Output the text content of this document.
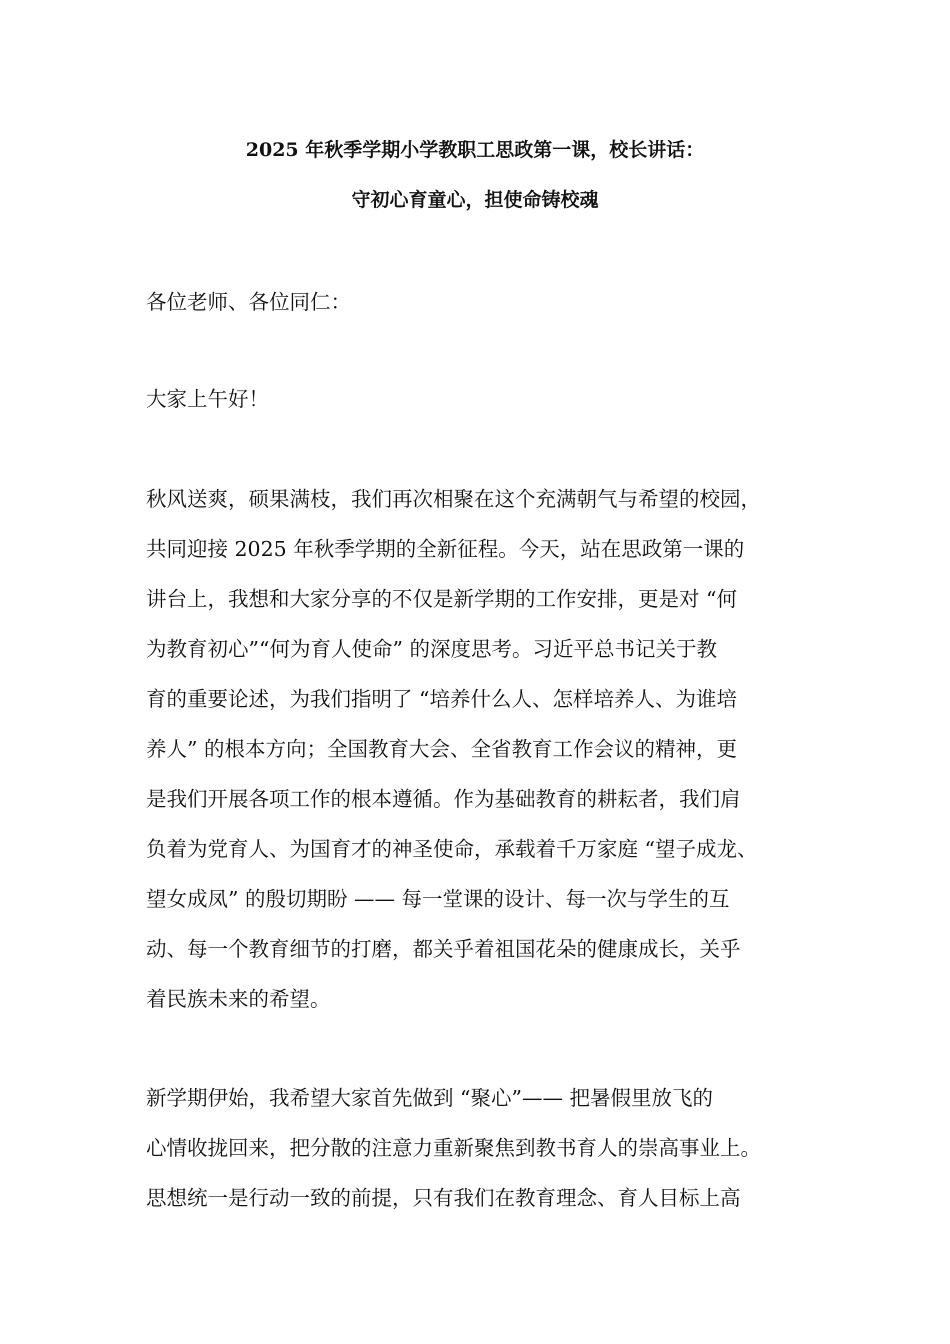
2025 年秋季学期小学教职工思政第一课，校长讲话：
守初心育童心，担使命铸校魂

各位老师、各位同仁：

大家上午好！

秋风送爽，硕果满枝，我们再次相聚在这个充满朝气与希望的校园，

共同迎接 2025 年秋季学期的全新征程。今天，站在思政第一课的

讲台上，我想和大家分享的不仅是新学期的工作安排，更是对 “何

为教育初心”“何为育人使命” 的深度思考。习近平总书记关于教

育的重要论述，为我们指明了 “培养什么人、怎样培养人、为谁培

养人” 的根本方向；全国教育大会、全省教育工作会议的精神，更

是我们开展各项工作的根本遵循。作为基础教育的耕耘者，我们肩

负着为党育人、为国育才的神圣使命，承载着千万家庭 “望子成龙、

望女成凤” 的殷切期盼 —— 每一堂课的设计、每一次与学生的互

动、每一个教育细节的打磨，都关乎着祖国花朵的健康成长，关乎

着民族未来的希望。

新学期伊始，我希望大家首先做到 “聚心”—— 把暑假里放飞的

心情收拢回来，把分散的注意力重新聚焦到教书育人的崇高事业上。

思想统一是行动一致的前提，只有我们在教育理念、育人目标上高
